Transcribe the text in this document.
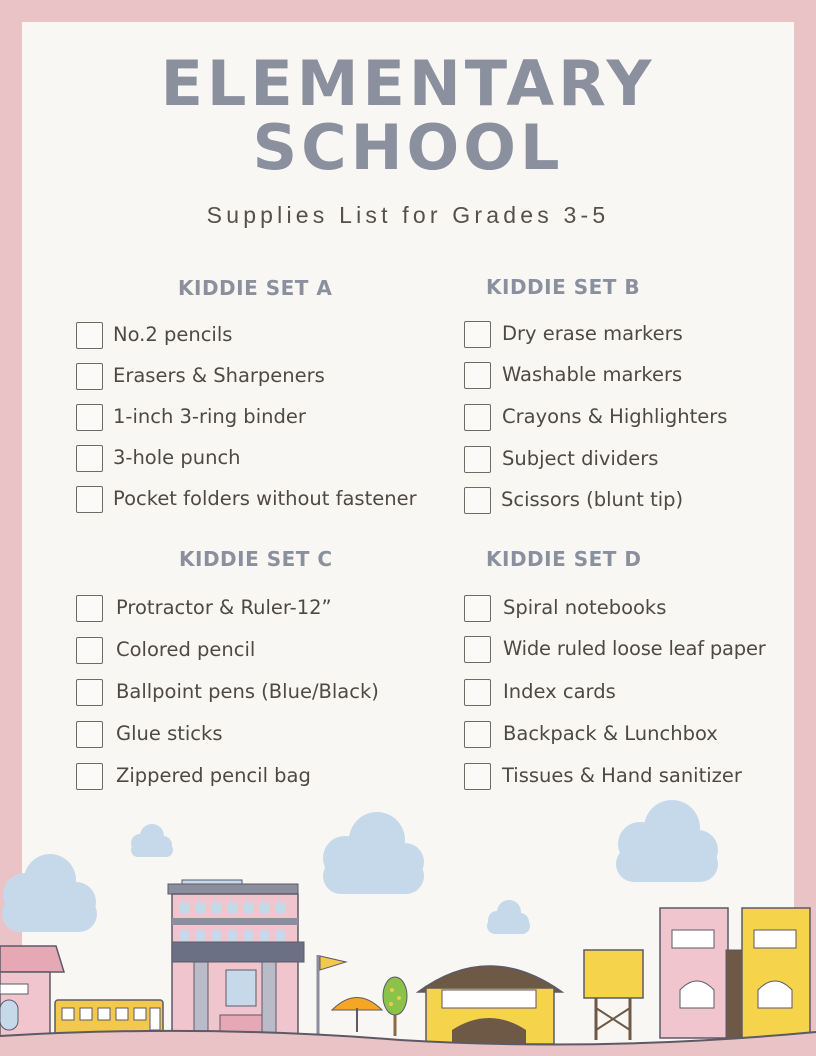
ELEMENTARY
SCHOOL
Supplies List for Grades 3-5
KIDDIE SET A
No.2 pencils
Erasers & Sharpeners
1-inch 3-ring binder
3-hole punch
Pocket folders without fastener
KIDDIE SET B
Dry erase markers
Washable markers
Crayons & Highlighters
Subject dividers
Scissors (blunt tip)
KIDDIE SET C
Protractor & Ruler-12”
Colored pencil
Ballpoint pens (Blue/Black)
Glue sticks
Zippered pencil bag
KIDDIE SET D
Spiral notebooks
Wide ruled loose leaf paper
Index cards
Backpack & Lunchbox
Tissues & Hand sanitizer
